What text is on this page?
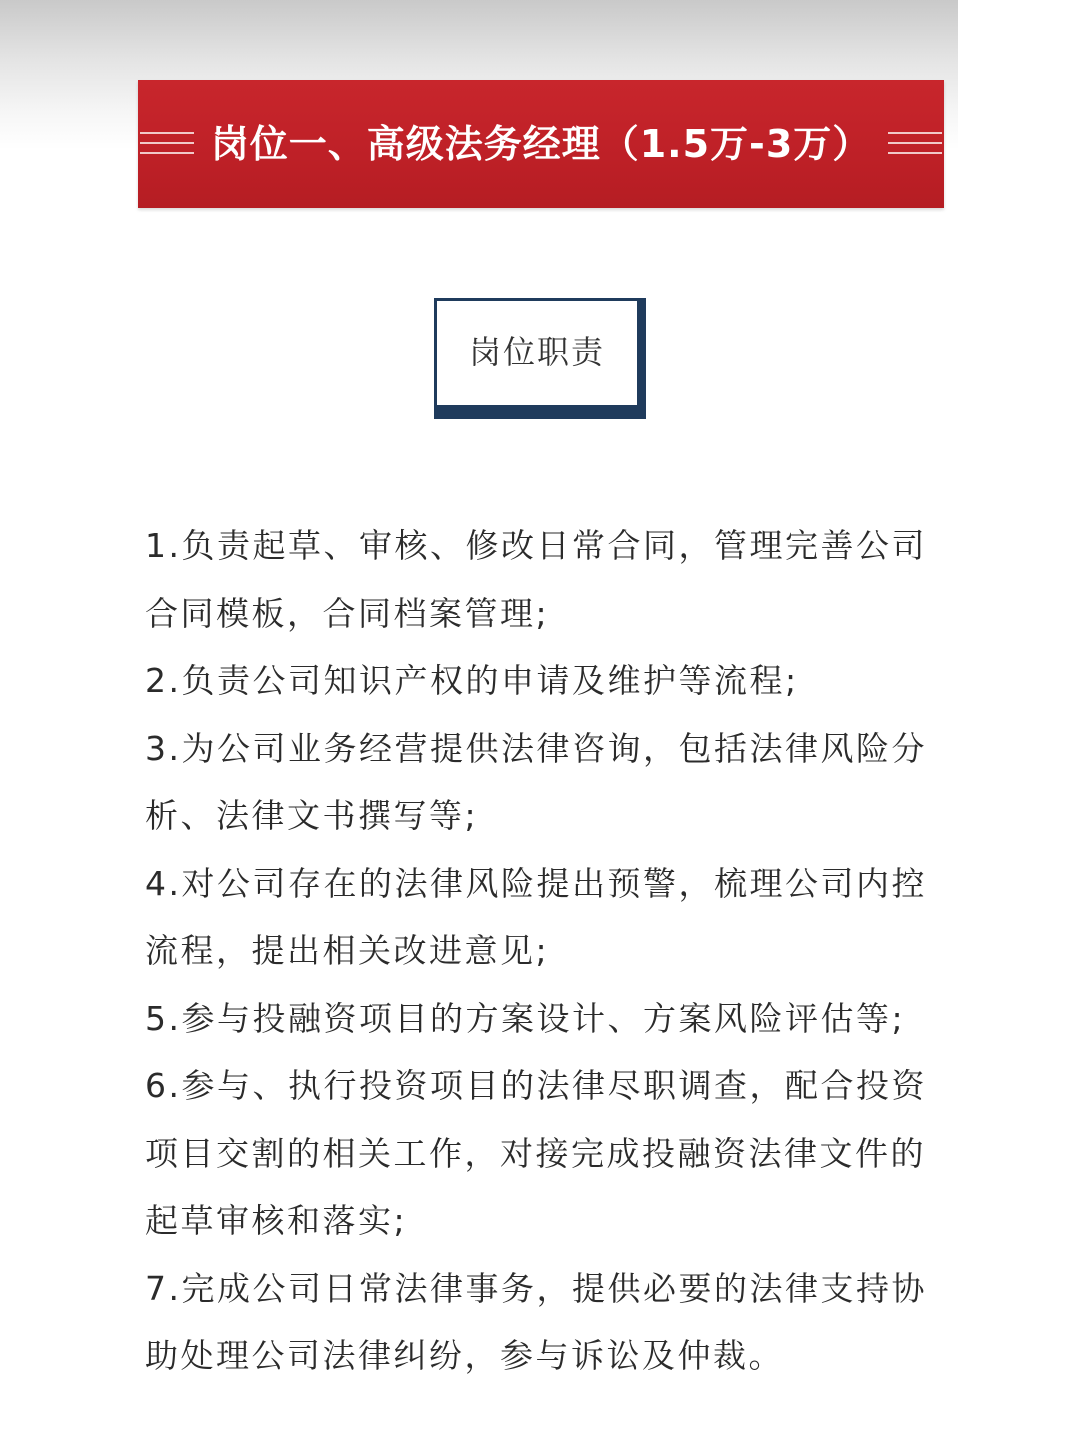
岗位一、高级法务经理（1.5万-3万）
岗位职责
1.负责起草、审核、修改日常合同，管理完善公司
合同模板，合同档案管理;
2.负责公司知识产权的申请及维护等流程;
3.为公司业务经营提供法律咨询，包括法律风险分
析、法律文书撰写等;
4.对公司存在的法律风险提出预警，梳理公司内控
流程，提出相关改进意见;
5.参与投融资项目的方案设计、方案风险评估等;
6.参与、执行投资项目的法律尽职调查，配合投资
项目交割的相关工作，对接完成投融资法律文件的
起草审核和落实;
7.完成公司日常法律事务，提供必要的法律支持协
助处理公司法律纠纷，参与诉讼及仲裁。
